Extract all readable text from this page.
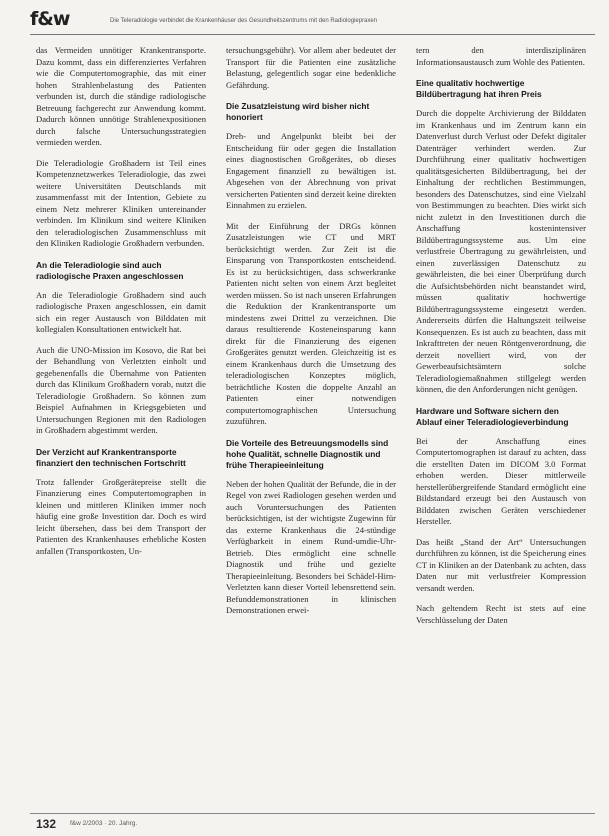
f&w	Die Teleradiologie verbindet die Krankenhäuser des Gesundheitszentrums mit den Radiologiepraxen

das Vermeiden unnötiger Krankentransporte. Dazu kommt, dass ein differenziertes Verfahren wie die Computertomographie, das mit einer hohen Strahlenbelastung des Patienten verbunden ist, durch die ständige radiologische Betreuung fachgerecht zur Anwendung kommt. Dadurch können unnötige Strahlenexpositionen durch falsche Untersuchungsstrategien vermieden werden.

Die Teleradiologie Großhadern ist Teil eines Kompetenznetzwerkes Teleradiologie, das zwei weitere Universitäten Deutschlands mit zusammenfasst mit der Intention, Gebiete zu einem Netz mehrerer Kliniken untereinander verbinden. Im Klinikum sind weitere Kliniken den teleradiologischen Zusammenschluss mit den Kliniken Radiologie Großhadern verbunden.

An die Teleradiologie sind auch radiologische Praxen angeschlossen

An die Teleradiologie Großhadern sind auch radiologische Praxen angeschlossen, ein damit sich ein reger Austausch von Bilddaten mit kollegialen Konsultationen entwickelt hat.

Auch die UNO-Mission im Kosovo, die Rat bei der Behandlung von Verletzten einholt und gegebenenfalls die Übernahme von Patienten durch das Klinikum Großhadern vorab, nutzt die Teleradiologie Großhadern. So können zum Beispiel Aufnahmen in Kriegsgebieten und Untersuchungen Regionen mit den Radiologen in Großhadern abgestimmt werden.

Der Verzicht auf Krankentransporte finanziert den technischen Fortschritt

Trotz fallender Großgerätepreise stellt die Finanzierung eines Computertomographen in kleinen und mittleren Kliniken immer noch häufig eine große Investition dar. Doch es wird leicht übersehen, dass bei dem Transport der Patienten des Krankenhauses erhebliche Kosten anfallen (Transportkosten, Un-

tersuchungsgebühr). Vor allem aber bedeutet der Transport für die Patienten eine zusätzliche Belastung, gelegentlich sogar eine bedenkliche Gefährdung.

Die Zusatzleistung wird bisher nicht honoriert

Dreh- und Angelpunkt bleibt bei der Entscheidung für oder gegen die Installation eines diagnostischen Großgerätes, ob dieses Engagement finanziell zu bewältigen ist. Abgesehen von der Abrechnung von privat versicherten Patienten sind derzeit keine direkten Einnahmen zu erzielen.

Mit der Einführung der DRGs können Zusatzleistungen wie CT und MRT berücksichtigt werden. Zur Zeit ist die Einsparung von Transportkosten entscheidend. Es ist zu berücksichtigen, dass schwerkranke Patienten nicht selten von einem Arzt begleitet werden müssen. So ist nach unseren Erfahrungen die Reduktion der Krankentransporte um mindestens zwei Drittel zu verzeichnen. Die daraus resultierende Kosteneinsparung kann direkt für die Finanzierung des eigenen Großgerätes genutzt werden. Gleichzeitig ist es einem Krankenhaus durch die Umsetzung des teleradiologischen Konzeptes möglich, beträchtliche Kosten die doppelte Anzahl an Patienten einer notwendigen computertomographischen Untersuchung zuzuführen.

Die Vorteile des Betreuungsmodells sind hohe Qualität, schnelle Diagnostik und frühe Therapieeinleitung

Neben der hohen Qualität der Befunde, die in der Regel von zwei Radiologen gesehen werden und auch Voruntersuchungen des Patienten berücksichtigen, ist der wichtigste Zugewinn für das externe Krankenhaus die 24-stündige Verfügbarkeit in einem Rund-umdie-Uhr-Betrieb. Dies ermöglicht eine schnelle Diagnostik und frühe und gezielte Therapieeinleitung. Besonders bei Schädel-Hirn-Verletzten kann dieser Vorteil lebensrettend sein. Befunddemonstrationen in klinischen Demonstrationen erwei-

tern den interdisziplinären Informationsaustausch zum Wohle des Patienten.

Eine qualitativ hochwertige Bildübertragung hat ihren Preis

Durch die doppelte Archivierung der Bilddaten im Krankenhaus und im Zentrum kann ein Datenverlust durch Verlust oder Defekt digitaler Datenträger verhindert werden. Zur Durchführung einer qualitativ hochwertigen qualitätsgesicherten Bildübertragung, bei der Einhaltung der rechtlichen Bestimmungen, besonders des Datenschutzes, sind eine Vielzahl von Bestimmungen zu beachten. Dies wirkt sich nicht zuletzt in den Investitionen durch die Anschaffung kostenintensiver Bildübertragungssysteme aus. Um eine verlustfreie Übertragung zu gewährleisten, und einen zuverlässigen Datenschutz zu gewährleisten, die bei einer Überprüfung durch die Aufsichtsbehörden nicht beanstandet wird, müssen qualitativ hochwertige Bildübertragungssysteme eingesetzt werden. Andererseits dürfen die Haltungszeit teilweise Konsequenzen. Es ist auch zu beachten, dass mit Inkrafttreten der neuen Röntgenverordnung, die derzeit novelliert wird, von der Gewerbeaufsichtsämtern solche Teleradiologiemaßnahmen stillgelegt werden können, die den Anforderungen nicht genügen.

Hardware und Software sichern den Ablauf einer Teleradiologieverbindung

Bei der Anschaffung eines Computertomographen ist darauf zu achten, dass die erstellten Daten im DICOM 3.0 Format erhoben werden. Dieser mittlerweile herstellerübergreifende Standard ermöglicht eine Bildstandard erzeugt bei den Austausch von Bilddaten zwischen Geräten verschiedener Hersteller.

Das heißt „Stand der Art“ Untersuchungen durchführen zu können, ist die Speicherung eines CT in Kliniken an der Datenbank zu achten, dass Daten nur mit verlustfreier Kompression versandt werden.

Nach geltendem Recht ist stets auf eine Verschlüsselung der Daten

132 f&w 2/2003 · 20. Jahrg.
